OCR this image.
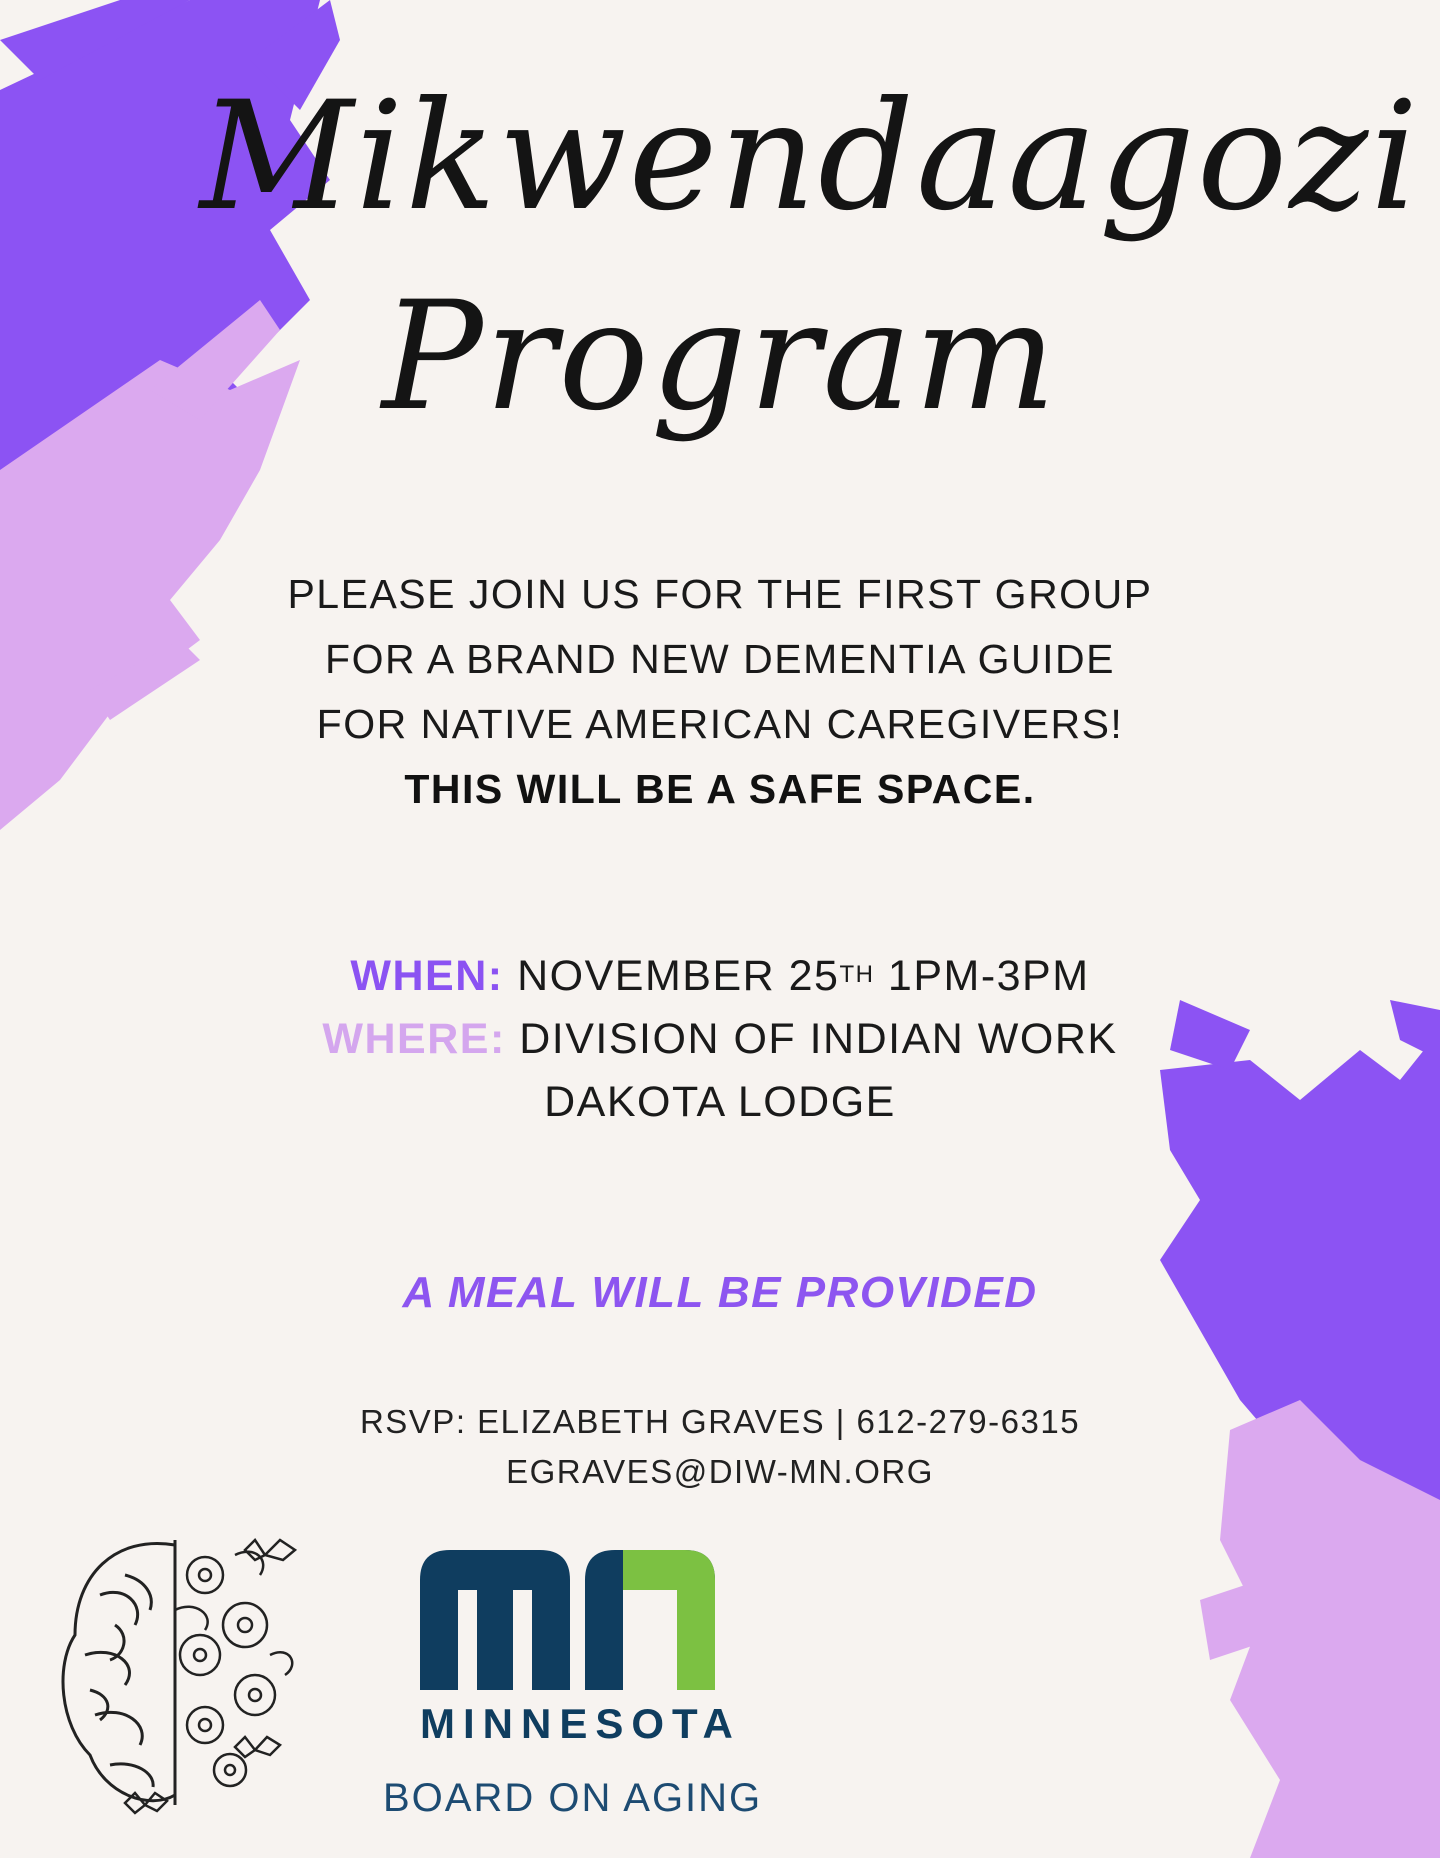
Mikwendaagozi
Program
PLEASE JOIN US FOR THE FIRST GROUP
FOR A BRAND NEW DEMENTIA GUIDE
FOR NATIVE AMERICAN CAREGIVERS!
THIS WILL BE A SAFE SPACE.
WHEN: NOVEMBER 25TH 1PM-3PM
WHERE: DIVISION OF INDIAN WORK
DAKOTA LODGE
A MEAL WILL BE PROVIDED
RSVP: ELIZABETH GRAVES | 612-279-6315
EGRAVES@DIW-MN.ORG
MINNESOTA
BOARD ON AGING
